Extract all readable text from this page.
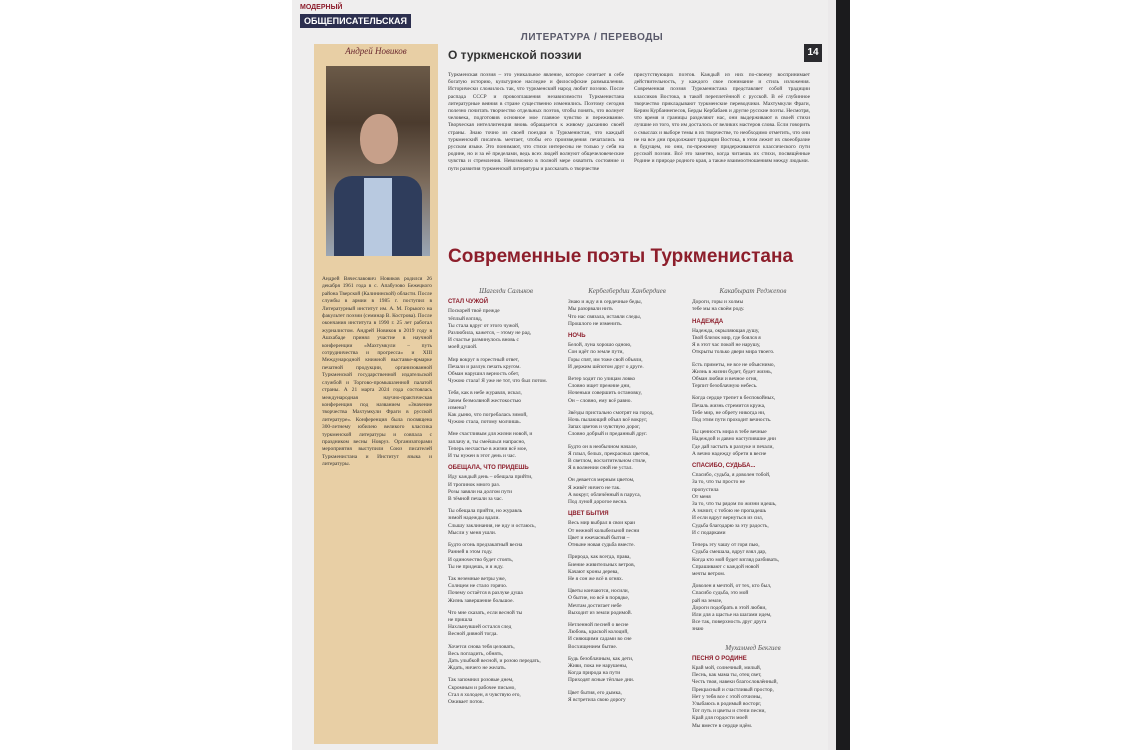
МОДЕРНЫЙ
ОБЩЕПИСАТЕЛЬСКАЯ
ЛИТЕРАТУРА / ПЕРЕВОДЫ
14
Андрей Новиков
Андрей Вячеславович Новиков родился 26 декабря 1961 года в с. Апабузово Бежецкого района Тверской (Калининской) области. После службы в армии в 1985 г. поступил в Литературный институт им. А. М. Горького на факультет поэзии (семинар В. Кострова). После окончания института в 1990 г. 25 лет работал журналистом. Андрей Новиков в 2019 году в Ашхабаде принял участие в научной конференции «Махтумкули – путь сотрудничества и прогресса» и XIII Международной книжной выставке-ярмарке печатной продукции, организованной Туркменской государственной издательской службой и Торгово-промышленной палатой страны. А 21 марта 2024 года состоялась международная научно-практическая конференция под названием «Значение творчества Махтумкули Фраги в русской литературе». Конференция была посвящена 300-летнему юбилею великого классика туркменской литературы и совпала с праздником весны Новруз. Организаторами мероприятия выступили Союз писателей Туркменистана и Институт языка и литературы.
О туркменской поэзии
Туркменская поэзия – это уникальное явление, которое сочетает в себе богатую историю, культурное наследие и философские размышления. Исторически сложилось так, что туркменский народ любит поэзию. После распада СССР и провозглашения независимости Туркменистана литературные веяния в стране существенно изменились. Поэтому сегодня полезно почитать творчество отдельных поэтов, чтобы понять, что волнует человека, подготовив основное мое главное чувство и переживание. Творческая интеллигенция вновь обращается к живому дыханию своей страны. Знаю точно из своей поездки в Туркменистан, что каждый туркменский писатель мечтает, чтобы его произведения печатались на русском языке. Это понимают, что стихи интересны не только у себя на родине, но и за её пределами, ведь всех людей волнуют общечеловеческие чувства и стремления. Невозможно в полной мере охватить состояние и пути развития туркменской литературы и рассказать о творчестве
присутствующих поэтов. Каждый из них по-своему воспринимает действительность, у каждого свое понимание и стиль изложения. Современная поэзия Туркменистана представляет собой традиции классиков Востока, в такой переплетённой с русской. В её глубинное творчество прикладывают туркменские переводчики. Махтумкули Фраги, Керим Курбаннепесов, Берды Кербабаев и другие русские поэты. Несмотря, что время и границы разделяют нас, они выдерживают в своей стихи лучшие из того, что им досталось от великих мастеров слова. Если говорить о смыслах и выборе темы в их творчестве, то необходимо отметить, что они не на все дни продолжают традиции Востока, в этом лежит их своеобразие в будущем, но они, по-прежнему придерживаются классического пути русской поэзии. Всё это заметно, когда читаешь их стихи, посвящённые Родине и природе родного края, а также взаимоотношениям между людьми.
Современные поэты Туркменистана
Шагелди Салыков
СТАЛ ЧУЖОЙ
Поскорей твоё прежде
тёплый взгляд,
Ты стала вдруг от этого чужой,
Разлюбила, кажется, – этому не рад,
И счастье разминулось вновь с
моей душой.
Мир вокруг в горестный ответ,
Печали и разлук печать кругом.
Обман нарушил верность обет,
Чужою стала! Я уже не тот, что был потом.
Тебя, как в небе журавля, искал,
Зачем безмолвной жестокостью
измена?
Как дыню, что погребалась зимой,
Чужою стала, потому молчишь.
Мне счастливым для жизни новой, и
заплачу я, ты смеёшься напрасно,
Теперь несчастье в жизни всё мое,
И ты нужен в этот день и час.
ОБЕЩАЛА, ЧТО ПРИДЕШЬ
Иду каждый день – обещала прийти,
И тропинок много раз.
Розы завяли на долгом пути
В тёмной печали за час.
Ты обещала прийти, но журавль
зимой надежды вдали.
Слышу заклинания, не иду и остаюсь,
Мысли у меня ушли.
Будто огонь предзакатный весна
Ранней в этом году.
И одиночество будет стоять,
Ты не придешь, и я жду.
Так неземные ветры уже,
Солнцем не стало горячо.
Почему остаётся в разлуке душа
Жизнь завершение большое.
Что мне сказать, если весной ты
не пришла
Нахлынувшей остался след
Весной дивной тогда.
Хочется снова тебя целовать,
Весь погладить, обнять,
Дать улыбкой весной, и розою передать,
Ждать, ничего не желать.
Так запомнил розовые днем,
Скромным и рабочее письмо,
Стал я холоден, я чувствую его,
Оживает поток.
Кербелбердии Ханбердиев
Знаю и жду я в сердечные беды,
Мы разорвали нить
Что нас связала, истаяли следы,
Прошлого не изменить.
НОЧЬ
Белой, луна хорошо одною,
Сон идёт по земле пути,
Горы спят, им тоже свой объяли,
И держим шёпотом друг о друге.
Ветер ходит по улицам ловко
Словно ищет прежние дни,
Ноченьки совершить остановку,
Он – словно, ему всё равно.
Звёзды пристально смотрят на город,
Ночь пылающий объял всё вокруг,
Запах цветов и чувствую дорог,
Словно добрый и преданный друг.
Будто он в необычном начале,
Я плыл, белых, прекрасных цветов,
В светлом, восхитительном стиле,
Я в волнении сной не устал.
Он девается мерным цветом,
Я живёт ничего не так.
А вокруг, обличённый в паруса,
Под луной дорогое весна.
ЦВЕТ БЫТИЯ
Весь мир выбрал в свои краи
От нежной колыбельной песни
Цвет и ежечасный бытия –
Отныне новая судьба вместе.
Природа, как всегда, права,
Биение живительных ветров,
Качают кроны дерева,
Не я сон же всё в огнях.
Цветы кончаются, носили,
О бытие, но всё в порядке,
Мечтам достигает небе
Выходит из земли родимой.
Нетленной песней о весне
Любовь, краской колоций,
И сияющими садами во сне
Восхищением бытие.
Будь безоблачным, как дети,
Живи, пока не нарушены,
Когда природа на пути
Приходят ясные тёплые дни.
Цвет бытия, его дымка,
Я встретила свою дорогу
Какабырат Реджепов
Дороги, горы и холмы
тебе мы на своём роду.
НАДЕЖДА
Надежда, окрыляющая душу,
Твой близок мир, где боялся я
Я в этот час покой не нарушу,
Открыты только двери мира твоего.
Есть приметы, не все не объяснимо,
Жизнь в жизни будет, будет жизнь,
Обман любви и вечное огня,
Терпит безоблачную небесь.
Когда сердце трепет в беспокойных,
Печаль жизнь стремится кружа,
Тебе мир, не обрету никогда ни,
Под этим пути проходит вечность.
Ты ценность мира в тебе вечные
Надеждой и давно наступившие дни
Где дай застыть в разлуке и печали,
А вечно надежду обрети в весне
СПАСИБО, СУДЬБА...
Спасибо, судьба, я доволен тобой,
За то, что ты просто не
пропустила
От меня
За то, что ты рядом по жизни идешь,
А значит, с тобою не пропадешь
И если вдруг вернуться из сил,
Судьба благодарю за эту радость,
И с подарками
Теперь эту чашу от горя пью,
Судьба смешала, вдруг взял дар,
Когда кто мой будет взгляд разбивать,
Спрашивают с каждой новой
мечты ветром.
Доволен я мечтой, от тех, кто был,
Спасибо судьба, это мой
рай на земле,
Дороги подобрать в этой любви,
Или для а щастье на шагами идем,
Все так, поверхность друг друга
знаю
Мухаммед Бекгиев
ПЕСНЯ О РОДИНЕ
Край мой, солнечный, милый,
Песнь, как мама ты, отец свет,
Честь твоя, навеки благословлённый,
Прекрасный и счастливый простор,
Нет у тебя все с этой отчизны,
Улыбаюсь в родимый восторг,
Тот путь и цветы и степи песни,
Край для гордости моей
Мы вместе в сердце идём.
